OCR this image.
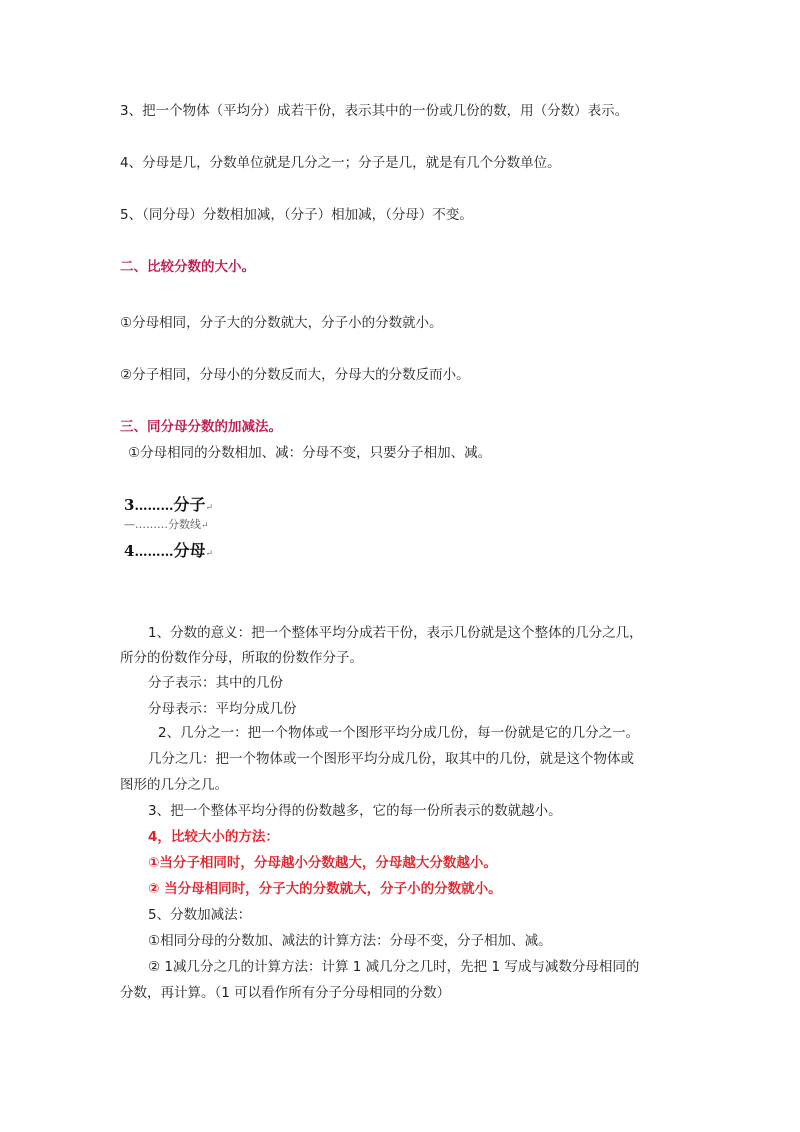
3、把一个物体（平均分）成若干份，表示其中的一份或几份的数，用（分数）表示。
4、分母是几，分数单位就是几分之一；分子是几，就是有几个分数单位。
5、（同分母）分数相加减，（分子）相加减，（分母）不变。
二、比较分数的大小。
①分母相同，分子大的分数就大，分子小的分数就小。
②分子相同，分母小的分数反而大，分母大的分数反而小。
三、同分母分数的加减法。
①分母相同的分数相加、减：分母不变，只要分子相加、减。
3………分子↵
—………分数线↵
4………分母↵
1、分数的意义：把一个整体平均分成若干份，表示几份就是这个整体的几分之几，
所分的份数作分母，所取的份数作分子。
分子表示：其中的几份
分母表示：平均分成几份
2、几分之一：把一个物体或一个图形平均分成几份，每一份就是它的几分之一。
几分之几：把一个物体或一个图形平均分成几份，取其中的几份，就是这个物体或
图形的几分之几。
3、把一个整体平均分得的份数越多，它的每一份所表示的数就越小。
4，比较大小的方法：
①当分子相同时，分母越小分数越大，分母越大分数越小。
② 当分母相同时，分子大的分数就大，分子小的分数就小。
5、分数加减法：
①相同分母的分数加、减法的计算方法：分母不变，分子相加、减。
② 1减几分之几的计算方法：计算 1 减几分之几时，先把 1 写成与减数分母相同的
分数，再计算。（1 可以看作所有分子分母相同的分数）
